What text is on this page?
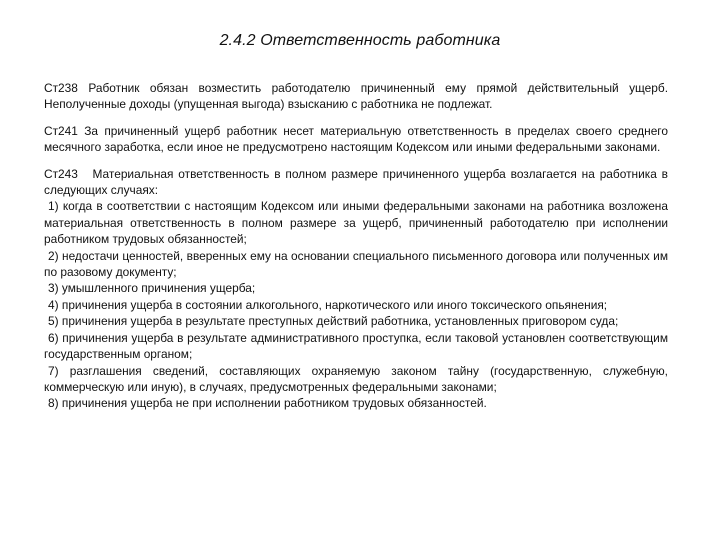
2.4.2 Ответственность работника

Ст238 Работник обязан возместить работодателю причиненный ему прямой действительный ущерб. Неполученные доходы (упущенная выгода) взысканию с работника не подлежат.

Ст241 За причиненный ущерб работник несет материальную ответственность в пределах своего среднего месячного заработка, если иное не предусмотрено настоящим Кодексом или иными федеральными законами.

Ст243 Материальная ответственность в полном размере причиненного ущерба возлагается на работника в следующих случаях:
1) когда в соответствии с настоящим Кодексом или иными федеральными законами на работника возложена материальная ответственность в полном размере за ущерб, причиненный работодателю при исполнении работником трудовых обязанностей;
2) недостачи ценностей, вверенных ему на основании специального письменного договора или полученных им по разовому документу;
3) умышленного причинения ущерба;
4) причинения ущерба в состоянии алкогольного, наркотического или иного токсического опьянения;
5) причинения ущерба в результате преступных действий работника, установленных приговором суда;
6) причинения ущерба в результате административного проступка, если таковой установлен соответствующим государственным органом;
7) разглашения сведений, составляющих охраняемую законом тайну (государственную, служебную, коммерческую или иную), в случаях, предусмотренных федеральными законами;
8) причинения ущерба не при исполнении работником трудовых обязанностей.
